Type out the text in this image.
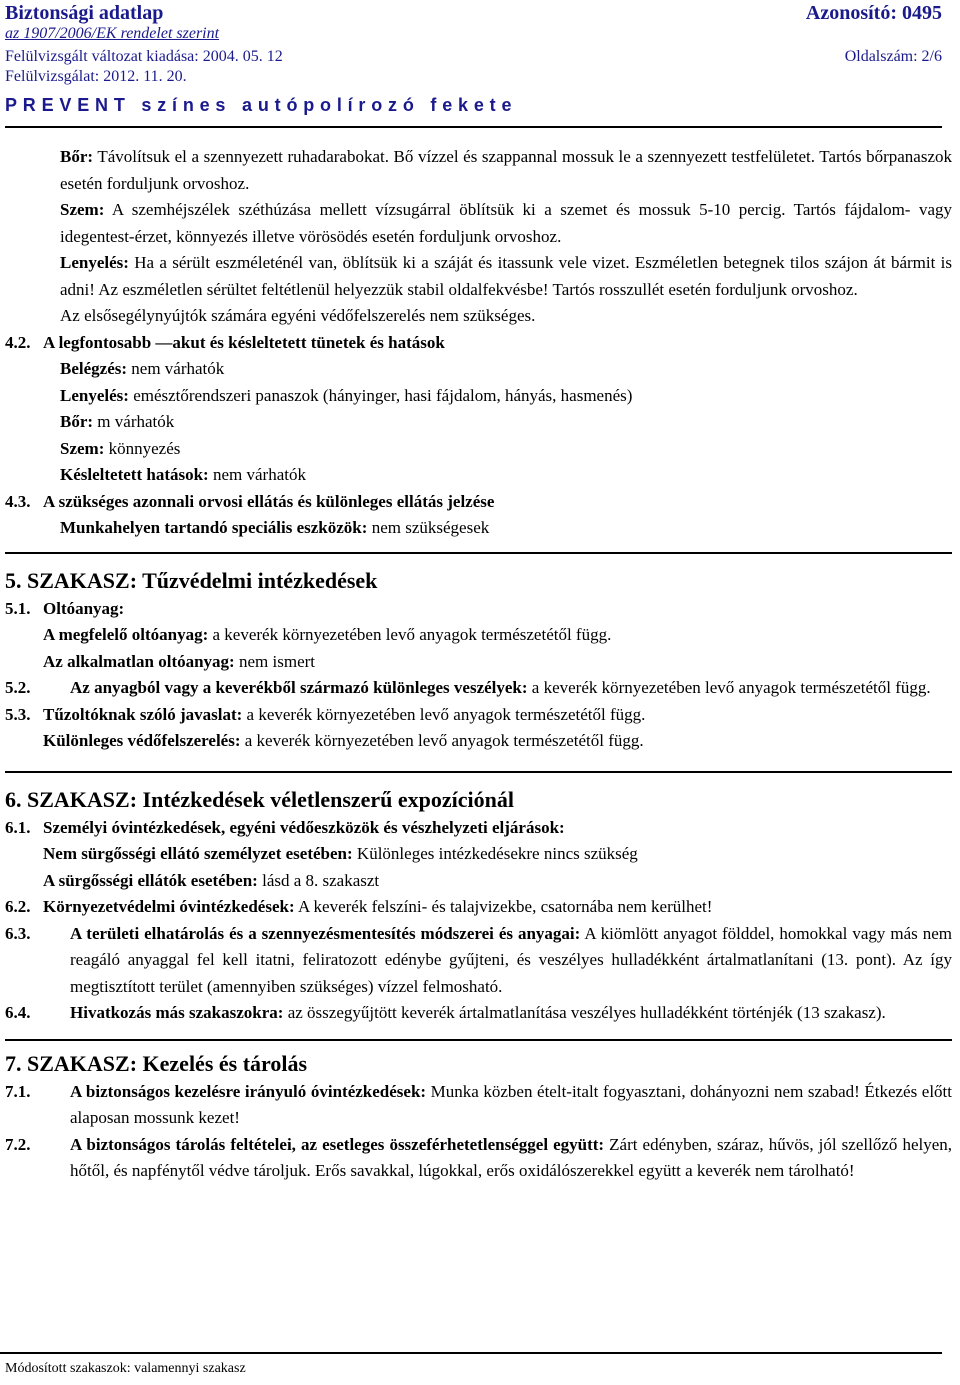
Biztonsági adatlap	Azonosító: 0495
az 1907/2006/EK rendelet szerint
Felülvizsgált változat kiadása: 2004. 05. 12	Oldalszám: 2/6
Felülvizsgálat: 2012. 11. 20.
PREVENT színes autópolírozó fekete
Bőr: Távolítsuk el a szennyezett ruhadarabokat. Bő vízzel és szappannal mossuk le a szennyezett testfelületet. Tartós bőrpanaszok esetén forduljunk orvoshoz.
Szem: A szemhéjszélek széthúzása mellett vízsugárral öblítsük ki a szemet és mossuk 5-10 percig. Tartós fájdalom- vagy idegentest-érzet, könnyezés illetve vörösödés esetén forduljunk orvoshoz.
Lenyelés: Ha a sérült eszméleténél van, öblítsük ki a száját és itassunk vele vizet. Eszméletlen betegnek tilos szájon át bármit is adni! Az eszméletlen sérültet feltétlenül helyezzük stabil oldalfekvésbe! Tartós rosszullét esetén forduljunk orvoshoz.
Az elsősegélynyújtók számára egyéni védőfelszerelés nem szükséges.
4.2. A legfontosabb —akut és késleltetett tünetek és hatások
Belégzés: nem várhatók
Lenyelés: emésztőrendszeri panaszok (hányinger, hasi fájdalom, hányás, hasmenés)
Bőr: m várhatók
Szem: könnyezés
Késleltetett hatások: nem várhatók
4.3. A szükséges azonnali orvosi ellátás és különleges ellátás jelzése
Munkahelyen tartandó speciális eszközök: nem szükségesek
5. SZAKASZ: Tűzvédelmi intézkedések
5.1. Oltóanyag:
A megfelelő oltóanyag: a keverék környezetében levő anyagok természetétől függ.
Az alkalmatlan oltóanyag: nem ismert
5.2. Az anyagból vagy a keverékből származó különleges veszélyek: a keverék környezetében levő anyagok természetétől függ.
5.3. Tűzoltóknak szóló javaslat: a keverék környezetében levő anyagok természetétől függ.
Különleges védőfelszerelés: a keverék környezetében levő anyagok természetétől függ.
6. SZAKASZ: Intézkedések véletlenszerű expozíciónál
6.1. Személyi óvintézkedések, egyéni védőeszközök és vészhelyzeti eljárások:
Nem sürgősségi ellátó személyzet esetében: Különleges intézkedésekre nincs szükség
A sürgősségi ellátók esetében: lásd a 8. szakaszt
6.2. Környezetvédelmi óvintézkedések: A keverék felszíni- és talajvizekbe, csatornába nem kerülhet!
6.3. A területi elhatárolás és a szennyezésmentesítés módszerei és anyagai: A kiömlött anyagot földdel, homokkal vagy más nem reagáló anyaggal fel kell itatni, feliratozott edénybe gyűjteni, és veszélyes hulladékként ártalmatlanítani (13. pont). Az így megtisztított terület (amennyiben szükséges) vízzel felmosható.
6.4. Hivatkozás más szakaszokra: az összegyűjtött keverék ártalmatlanítása veszélyes hulladékként történjék (13 szakasz).
7. SZAKASZ: Kezelés és tárolás
7.1. A biztonságos kezelésre irányuló óvintézkedések: Munka közben ételt-italt fogyasztani, dohányozni nem szabad! Étkezés előtt alaposan mossunk kezet!
7.2. A biztonságos tárolás feltételei, az esetleges összeférhetetlenséggel együtt: Zárt edényben, száraz, hűvös, jól szellőző helyen, hőtől, és napfénytől védve tároljuk. Erős savakkal, lúgokkal, erős oxidálószerekkel együtt a keverék nem tárolható!
Módosított szakaszok: valamennyi szakasz
